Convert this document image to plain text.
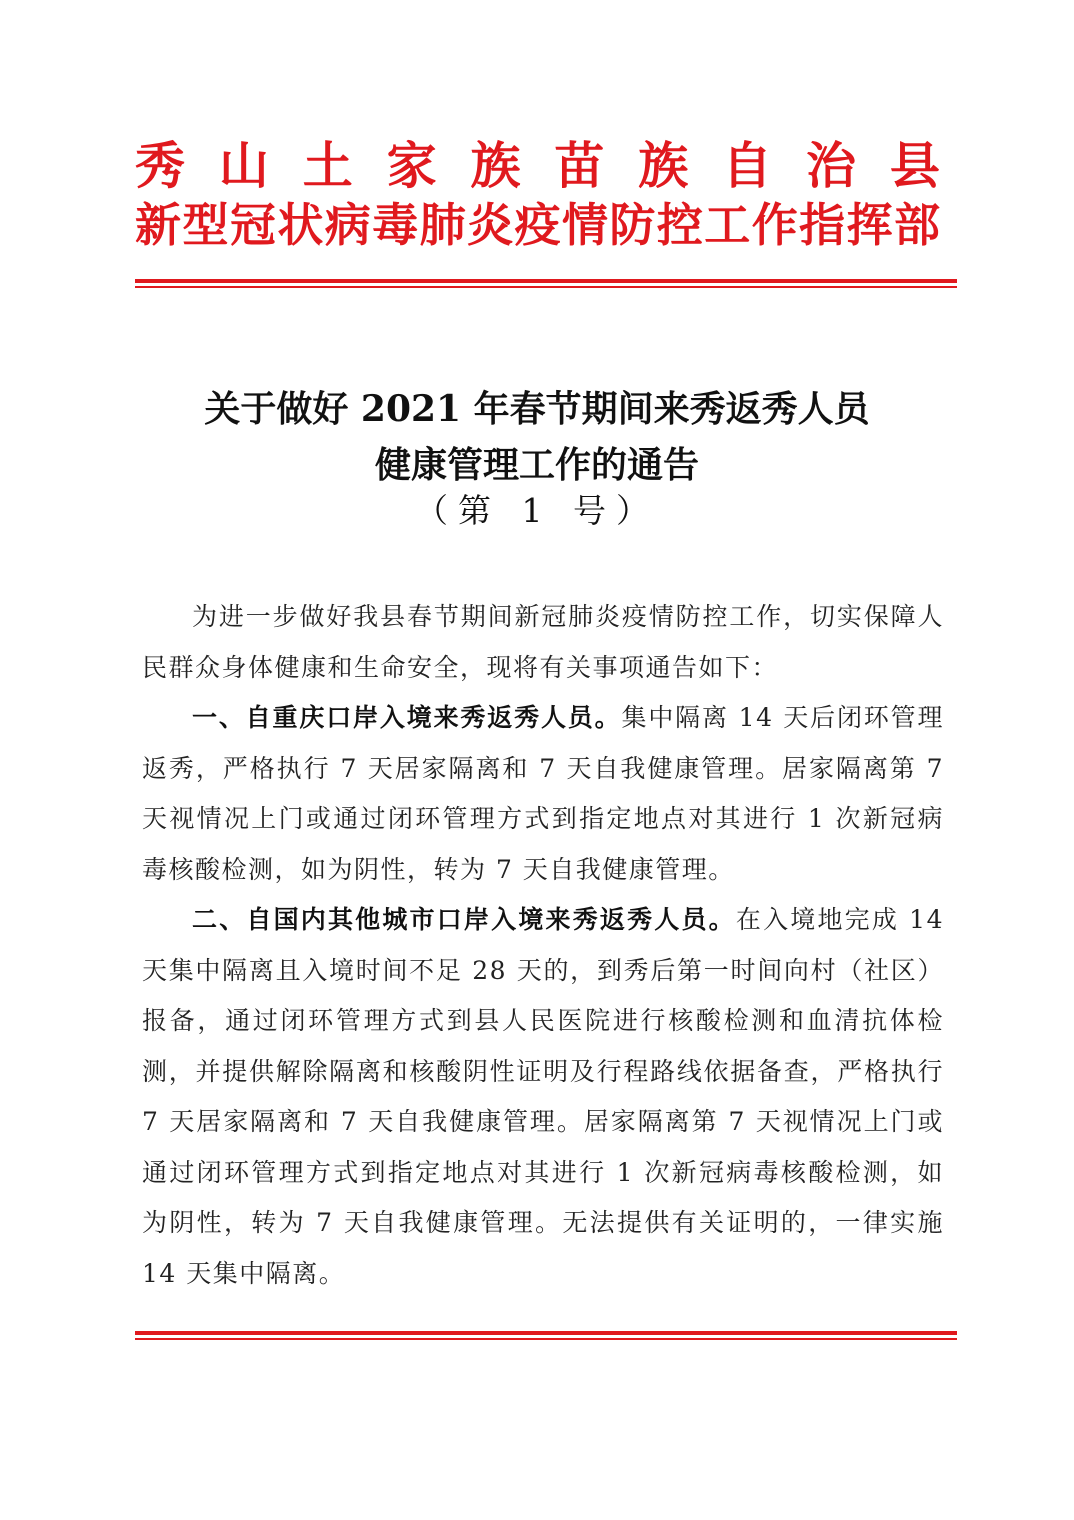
秀 山 土 家 族 苗 族 自 治 县
新型冠状病毒肺炎疫情防控工作指挥部
关于做好 2021 年春节期间来秀返秀人员
健康管理工作的通告
（第 1 号）

为进一步做好我县春节期间新冠肺炎疫情防控工作，切实保障人民群众身体健康和生命安全，现将有关事项通告如下：

一、自重庆口岸入境来秀返秀人员。集中隔离 14 天后闭环管理返秀，严格执行 7 天居家隔离和 7 天自我健康管理。居家隔离第 7 天视情况上门或通过闭环管理方式到指定地点对其进行 1 次新冠病毒核酸检测，如为阴性，转为 7 天自我健康管理。

二、自国内其他城市口岸入境来秀返秀人员。在入境地完成 14 天集中隔离且入境时间不足 28 天的，到秀后第一时间向村（社区）报备，通过闭环管理方式到县人民医院进行核酸检测和血清抗体检测，并提供解除隔离和核酸阴性证明及行程路线依据备查，严格执行 7 天居家隔离和 7 天自我健康管理。居家隔离第 7 天视情况上门或通过闭环管理方式到指定地点对其进行 1 次新冠病毒核酸检测，如为阴性，转为 7 天自我健康管理。无法提供有关证明的，一律实施 14 天集中隔离。
